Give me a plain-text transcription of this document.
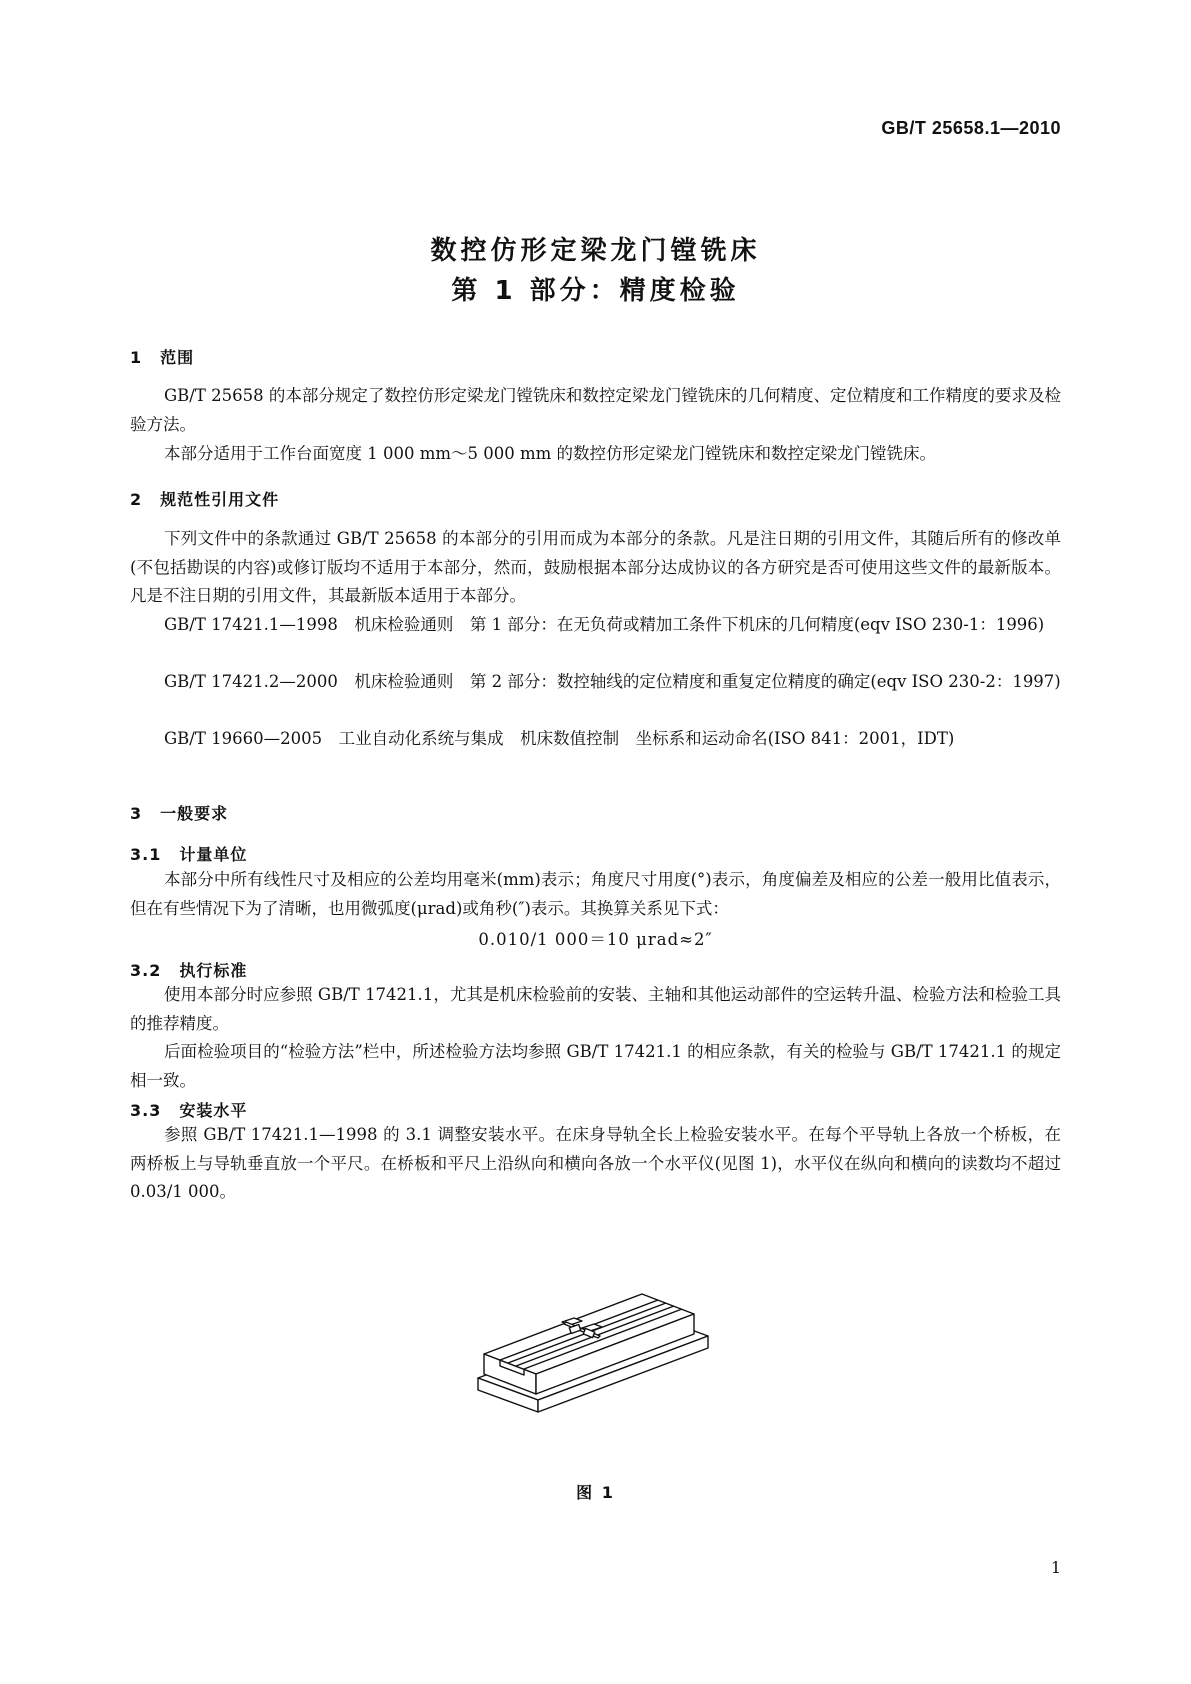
GB/T 25658.1—2010
数控仿形定梁龙门镗铣床
第 1 部分：精度检验
1 范围
GB/T 25658 的本部分规定了数控仿形定梁龙门镗铣床和数控定梁龙门镗铣床的几何精度、定位精度和工作精度的要求及检验方法。
本部分适用于工作台面宽度 1 000 mm～5 000 mm 的数控仿形定梁龙门镗铣床和数控定梁龙门镗铣床。
2 规范性引用文件
下列文件中的条款通过 GB/T 25658 的本部分的引用而成为本部分的条款。凡是注日期的引用文件，其随后所有的修改单(不包括勘误的内容)或修订版均不适用于本部分，然而，鼓励根据本部分达成协议的各方研究是否可使用这些文件的最新版本。凡是不注日期的引用文件，其最新版本适用于本部分。
GB/T 17421.1—1998　机床检验通则　第 1 部分：在无负荷或精加工条件下机床的几何精度(eqv ISO 230-1：1996)
GB/T 17421.2—2000　机床检验通则　第 2 部分：数控轴线的定位精度和重复定位精度的确定(eqv ISO 230-2：1997)
GB/T 19660—2005　工业自动化系统与集成　机床数值控制　坐标系和运动命名(ISO 841：2001，IDT)
3 一般要求
3.1 计量单位
本部分中所有线性尺寸及相应的公差均用毫米(mm)表示；角度尺寸用度(°)表示，角度偏差及相应的公差一般用比值表示，但在有些情况下为了清晰，也用微弧度(μrad)或角秒(″)表示。其换算关系见下式：
0.010/1 000＝10 μrad≈2″
3.2 执行标准
使用本部分时应参照 GB/T 17421.1，尤其是机床检验前的安装、主轴和其他运动部件的空运转升温、检验方法和检验工具的推荐精度。
后面检验项目的“检验方法”栏中，所述检验方法均参照 GB/T 17421.1 的相应条款，有关的检验与 GB/T 17421.1 的规定相一致。
3.3 安装水平
参照 GB/T 17421.1—1998 的 3.1 调整安装水平。在床身导轨全长上检验安装水平。在每个平导轨上各放一个桥板，在两桥板上与导轨垂直放一个平尺。在桥板和平尺上沿纵向和横向各放一个水平仪(见图 1)，水平仪在纵向和横向的读数均不超过 0.03/1 000。
图 1
1
